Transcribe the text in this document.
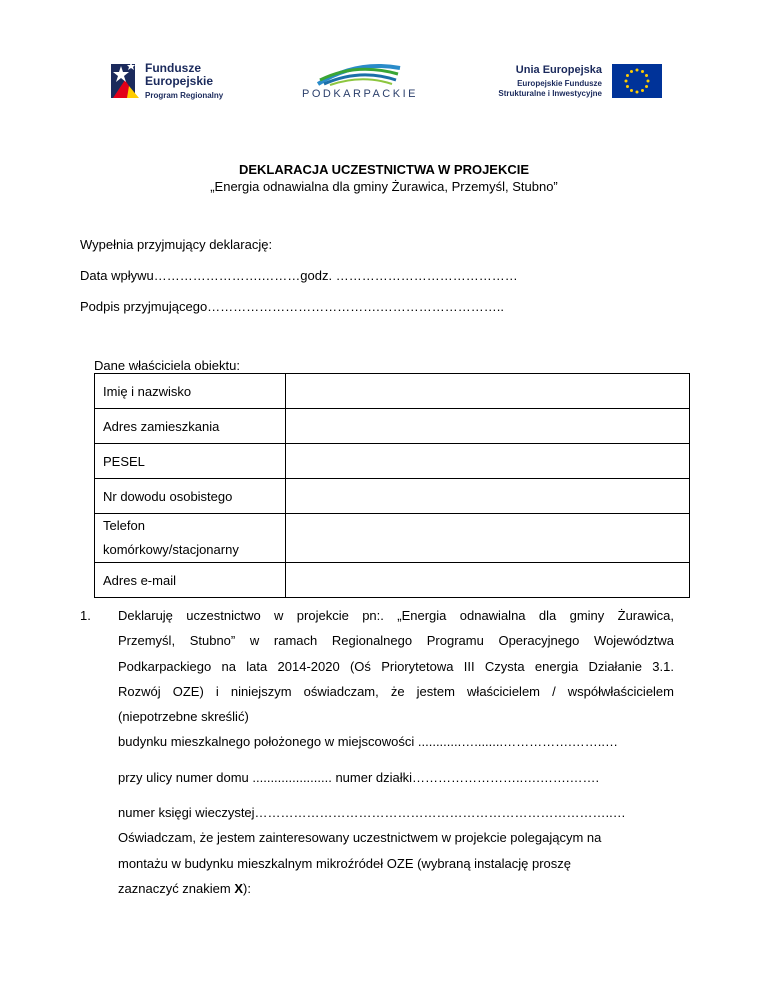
Fundusze
Europejskie
Program Regionalny	PODKARPACKIE
Unia Europejska
Europejskie Fundusze
Strukturalne i Inwestycyjne
DEKLARACJA UCZESTNICTWA W PROJEKCIE
„Energia odnawialna dla gminy Żurawica, Przemyśl, Stubno”
Wypełnia przyjmujący deklarację:
Data wpływu…………………….………godz. ……………………………………
Podpis przyjmującego………………………………….………………………..
Dane właściciela obiektu:
Imię i nazwisko	
Adres zamieszkania	
PESEL	
Nr dowodu osobistego	

Telefon
komórkowy/stacjonarny	

Adres e-mail	
1. Deklaruję uczestnictwo w projekcie pn:. „Energia odnawialna dla gminy Żurawica,

Przemyśl, Stubno” w ramach Regionalnego Programu Operacyjnego Województwa

Podkarpackiego na lata 2014-2020 (Oś Priorytetowa III Czysta energia Działanie 3.1.

Rozwój OZE) i niniejszym oświadczam, że jestem właścicielem / współwłaścicielem

(niepotrzebne skreślić)

budynku mieszkalnego położonego w miejscowości ............…........…………….……..…

przy ulicy numer domu ...................... numer działki……………………..….…….…….

numer księgi wieczystej………………………………………………………………………..…

Oświadczam, że jestem zainteresowany uczestnictwem w projekcie polegającym na

montażu w budynku mieszkalnym mikroźródeł OZE (wybraną instalację proszę

zaznaczyć znakiem X):
